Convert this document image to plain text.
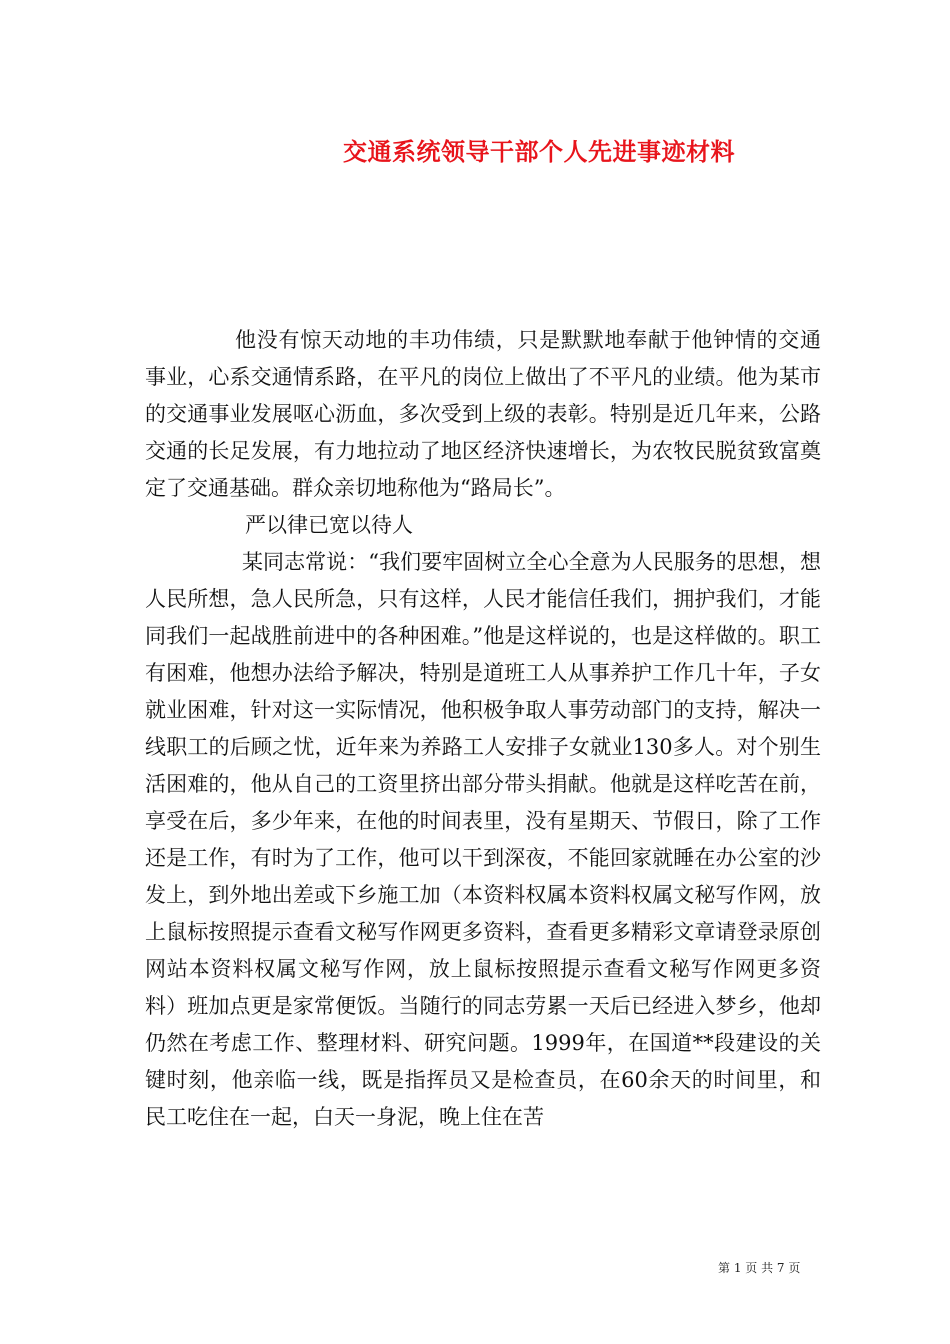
交通系统领导干部个人先进事迹材料

他没有惊天动地的丰功伟绩，只是默默地奉献于他钟情的交通事业，心系交通情系路，在平凡的岗位上做出了不平凡的业绩。他为某市的交通事业发展呕心沥血，多次受到上级的表彰。特别是近几年来，公路交通的长足发展，有力地拉动了地区经济快速增长，为农牧民脱贫致富奠定了交通基础。群众亲切地称他为“路局长”。

严以律已宽以待人

某同志常说：“我们要牢固树立全心全意为人民服务的思想，想人民所想，急人民所急，只有这样，人民才能信任我们，拥护我们，才能同我们一起战胜前进中的各种困难。”他是这样说的，也是这样做的。职工有困难，他想办法给予解决，特别是道班工人从事养护工作几十年，子女就业困难，针对这一实际情况，他积极争取人事劳动部门的支持，解决一线职工的后顾之忧，近年来为养路工人安排子女就业130多人。对个别生活困难的，他从自己的工资里挤出部分带头捐献。他就是这样吃苦在前，享受在后，多少年来，在他的时间表里，没有星期天、节假日，除了工作还是工作，有时为了工作，他可以干到深夜，不能回家就睡在办公室的沙发上，到外地出差或下乡施工加（本资料权属本资料权属文秘写作网，放上鼠标按照提示查看文秘写作网更多资料，查看更多精彩文章请登录原创网站本资料权属文秘写作网，放上鼠标按照提示查看文秘写作网更多资料）班加点更是家常便饭。当随行的同志劳累一天后已经进入梦乡，他却仍然在考虑工作、整理材料、研究问题。1999年，在国道**段建设的关键时刻，他亲临一线，既是指挥员又是检查员，在60余天的时间里，和民工吃住在一起，白天一身泥，晚上住在苦

第 1 页 共 7 页
